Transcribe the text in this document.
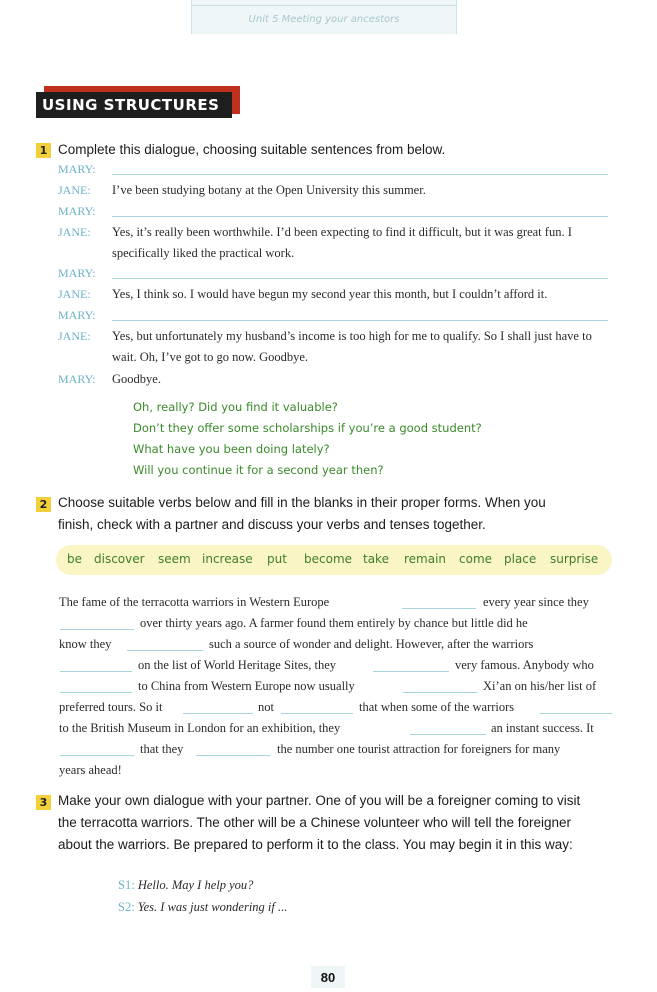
Unit 5 Meeting your ancestors
USING STRUCTURES
1 Complete this dialogue, choosing suitable sentences from below.
MARY:
JANE: I’ve been studying botany at the Open University this summer.
MARY:
JANE: Yes, it’s really been worthwhile. I’d been expecting to find it difficult, but it was great fun. I specifically liked the practical work.
MARY:
JANE: Yes, I think so. I would have begun my second year this month, but I couldn’t afford it.
MARY:
JANE: Yes, but unfortunately my husband’s income is too high for me to qualify. So I shall just have to wait. Oh, I’ve got to go now. Goodbye.
MARY: Goodbye.
Oh, really? Did you find it valuable?
Don’t they offer some scholarships if you’re a good student?
What have you been doing lately?
Will you continue it for a second year then?
2 Choose suitable verbs below and fill in the blanks in their proper forms. When you
finish, check with a partner and discuss your verbs and tenses together.
be discover seem increase put become take remain come place surprise
The fame of the terracotta warriors in Western Europe	every year since they
over thirty years ago. A farmer found them entirely by chance but little did he
know they	such a source of wonder and delight. However, after the warriors
on the list of World Heritage Sites, they	very famous. Anybody who
to China from Western Europe now usually	Xi’an on his/her list of
preferred tours. So it	not	that when some of the warriors
to the British Museum in London for an exhibition, they	an instant success. It
that they	the number one tourist attraction for foreigners for many
years ahead!
3 Make your own dialogue with your partner. One of you will be a foreigner coming to visit
the terracotta warriors. The other will be a Chinese volunteer who will tell the foreigner
about the warriors. Be prepared to perform it to the class. You may begin it in this way:
S1: Hello. May I help you?
S2: Yes. I was just wondering if ...
80
